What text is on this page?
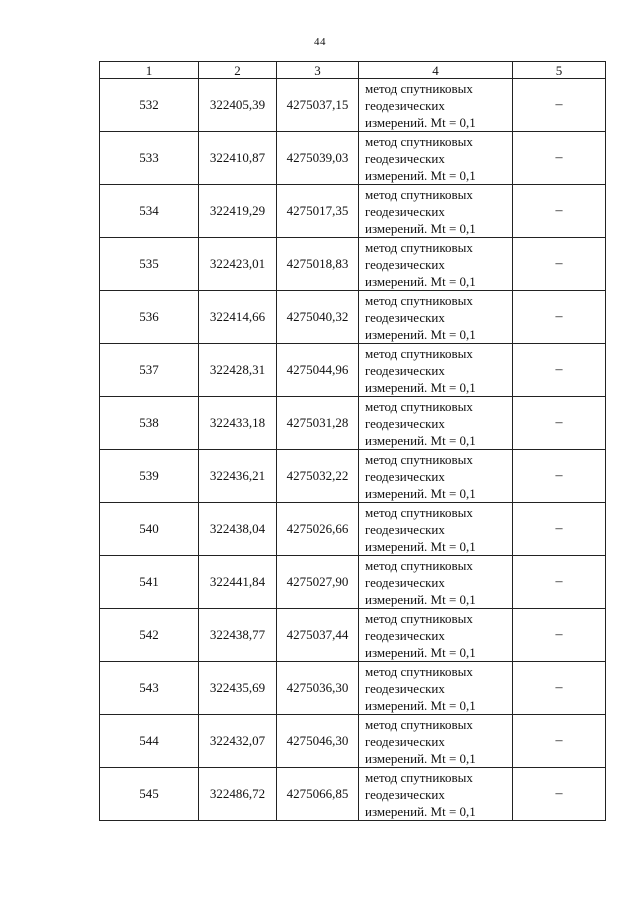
44
1	2	3	4	5
532	322405,39	4275037,15	метод спутниковых
геодезических
измерений. Mt = 0,1	–
533	322410,87	4275039,03	метод спутниковых
геодезических
измерений. Mt = 0,1	–
534	322419,29	4275017,35	метод спутниковых
геодезических
измерений. Mt = 0,1	–
535	322423,01	4275018,83	метод спутниковых
геодезических
измерений. Mt = 0,1	–
536	322414,66	4275040,32	метод спутниковых
геодезических
измерений. Mt = 0,1	–
537	322428,31	4275044,96	метод спутниковых
геодезических
измерений. Mt = 0,1	–
538	322433,18	4275031,28	метод спутниковых
геодезических
измерений. Mt = 0,1	–
539	322436,21	4275032,22	метод спутниковых
геодезических
измерений. Mt = 0,1	–
540	322438,04	4275026,66	метод спутниковых
геодезических
измерений. Mt = 0,1	–
541	322441,84	4275027,90	метод спутниковых
геодезических
измерений. Mt = 0,1	–
542	322438,77	4275037,44	метод спутниковых
геодезических
измерений. Mt = 0,1	–
543	322435,69	4275036,30	метод спутниковых
геодезических
измерений. Mt = 0,1	–
544	322432,07	4275046,30	метод спутниковых
геодезических
измерений. Mt = 0,1	–
545	322486,72	4275066,85	метод спутниковых
геодезических
измерений. Mt = 0,1	–
